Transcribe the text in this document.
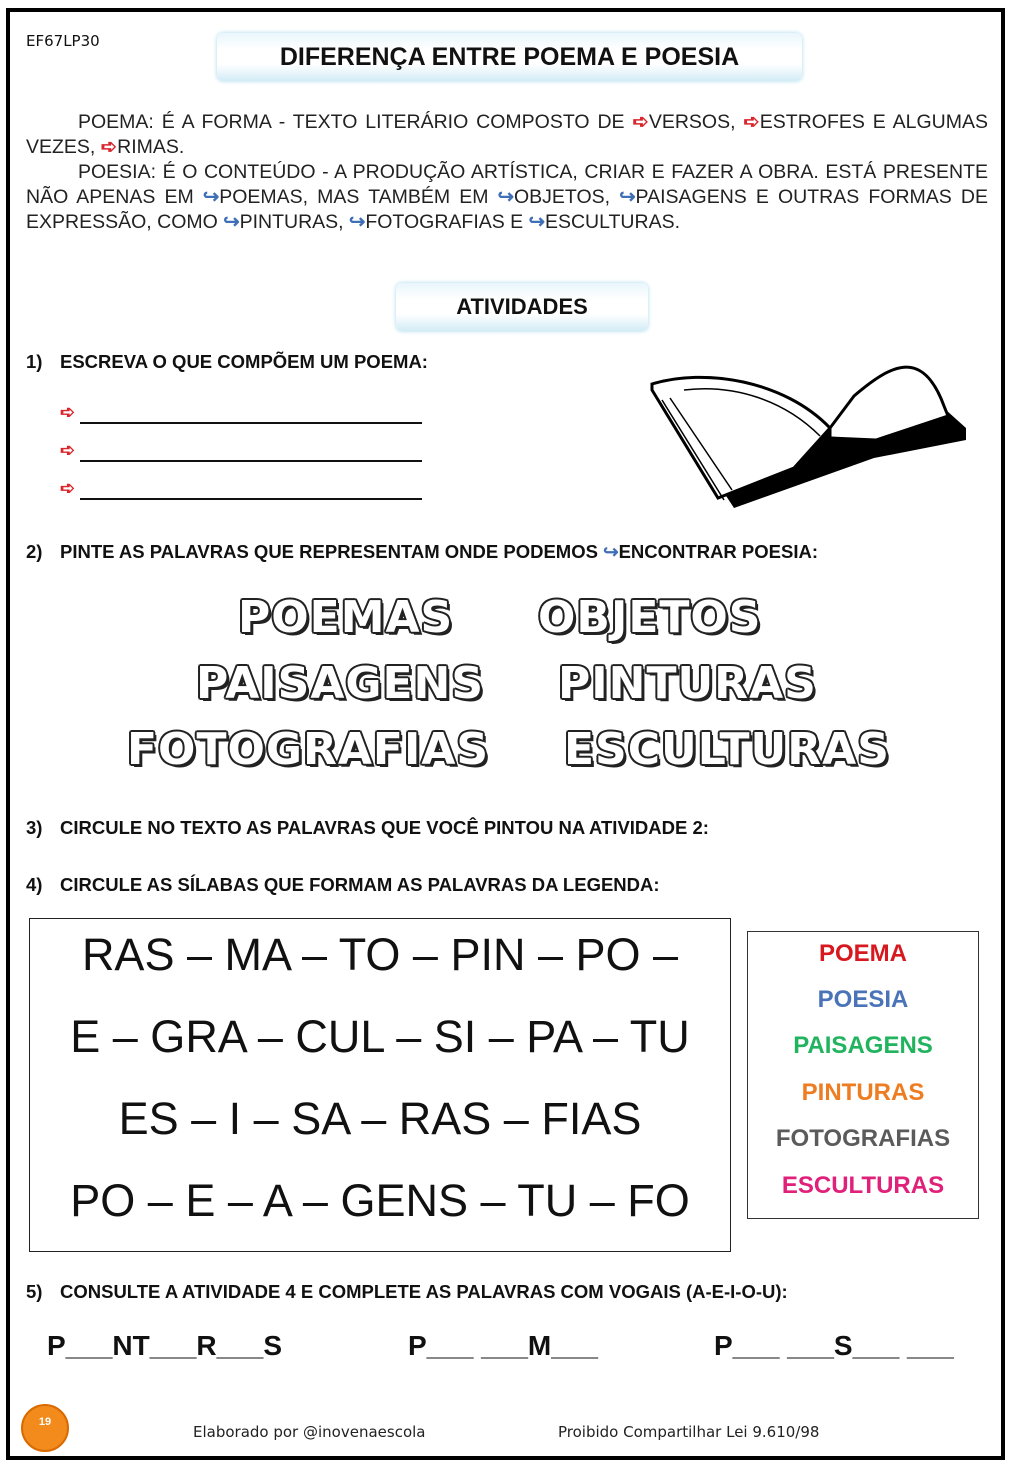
EF67LP30
DIFERENÇA ENTRE POEMA E POESIA

POEMA: É A FORMA - TEXTO LITERÁRIO COMPOSTO DE ➪VERSOS, ➪ESTROFES E ALGUMAS VEZES, ➪RIMAS.

POESIA: É O CONTEÚDO - A PRODUÇÃO ARTÍSTICA, CRIAR E FAZER A OBRA. ESTÁ PRESENTE NÃO APENAS EM ↪POEMAS, MAS TAMBÉM EM ↪OBJETOS, ↪PAISAGENS E OUTRAS FORMAS DE EXPRESSÃO, COMO ↪PINTURAS, ↪FOTOGRAFIAS E ↪ESCULTURAS.

ATIVIDADES
1) ESCREVA O QUE COMPÕEM UM POEMA:
➪
➪
➪
2) PINTE AS PALAVRAS QUE REPRESENTAM ONDE PODEMOS ↪ENCONTRAR POESIA:
POEMAS OBJETOS
PAISAGENS PINTURAS
FOTOGRAFIAS ESCULTURAS
3) CIRCULE NO TEXTO AS PALAVRAS QUE VOCÊ PINTOU NA ATIVIDADE 2:
4) CIRCULE AS SÍLABAS QUE FORMAM AS PALAVRAS DA LEGENDA:
RAS – MA – TO – PIN – PO –
E – GRA – CUL – SI – PA – TU
ES – I – SA – RAS – FIAS
PO – E – A – GENS – TU – FO
POEMA
POESIA
PAISAGENS
PINTURAS
FOTOGRAFIAS
ESCULTURAS
5) CONSULTE A ATIVIDADE 4 E COMPLETE AS PALAVRAS COM VOGAIS (A-E-I-O-U):
P___NT___R___S	P___ ___M___	P___ ___S___ ___
19
Elaborado por @inovenaescola	Proibido Compartilhar Lei 9.610/98
